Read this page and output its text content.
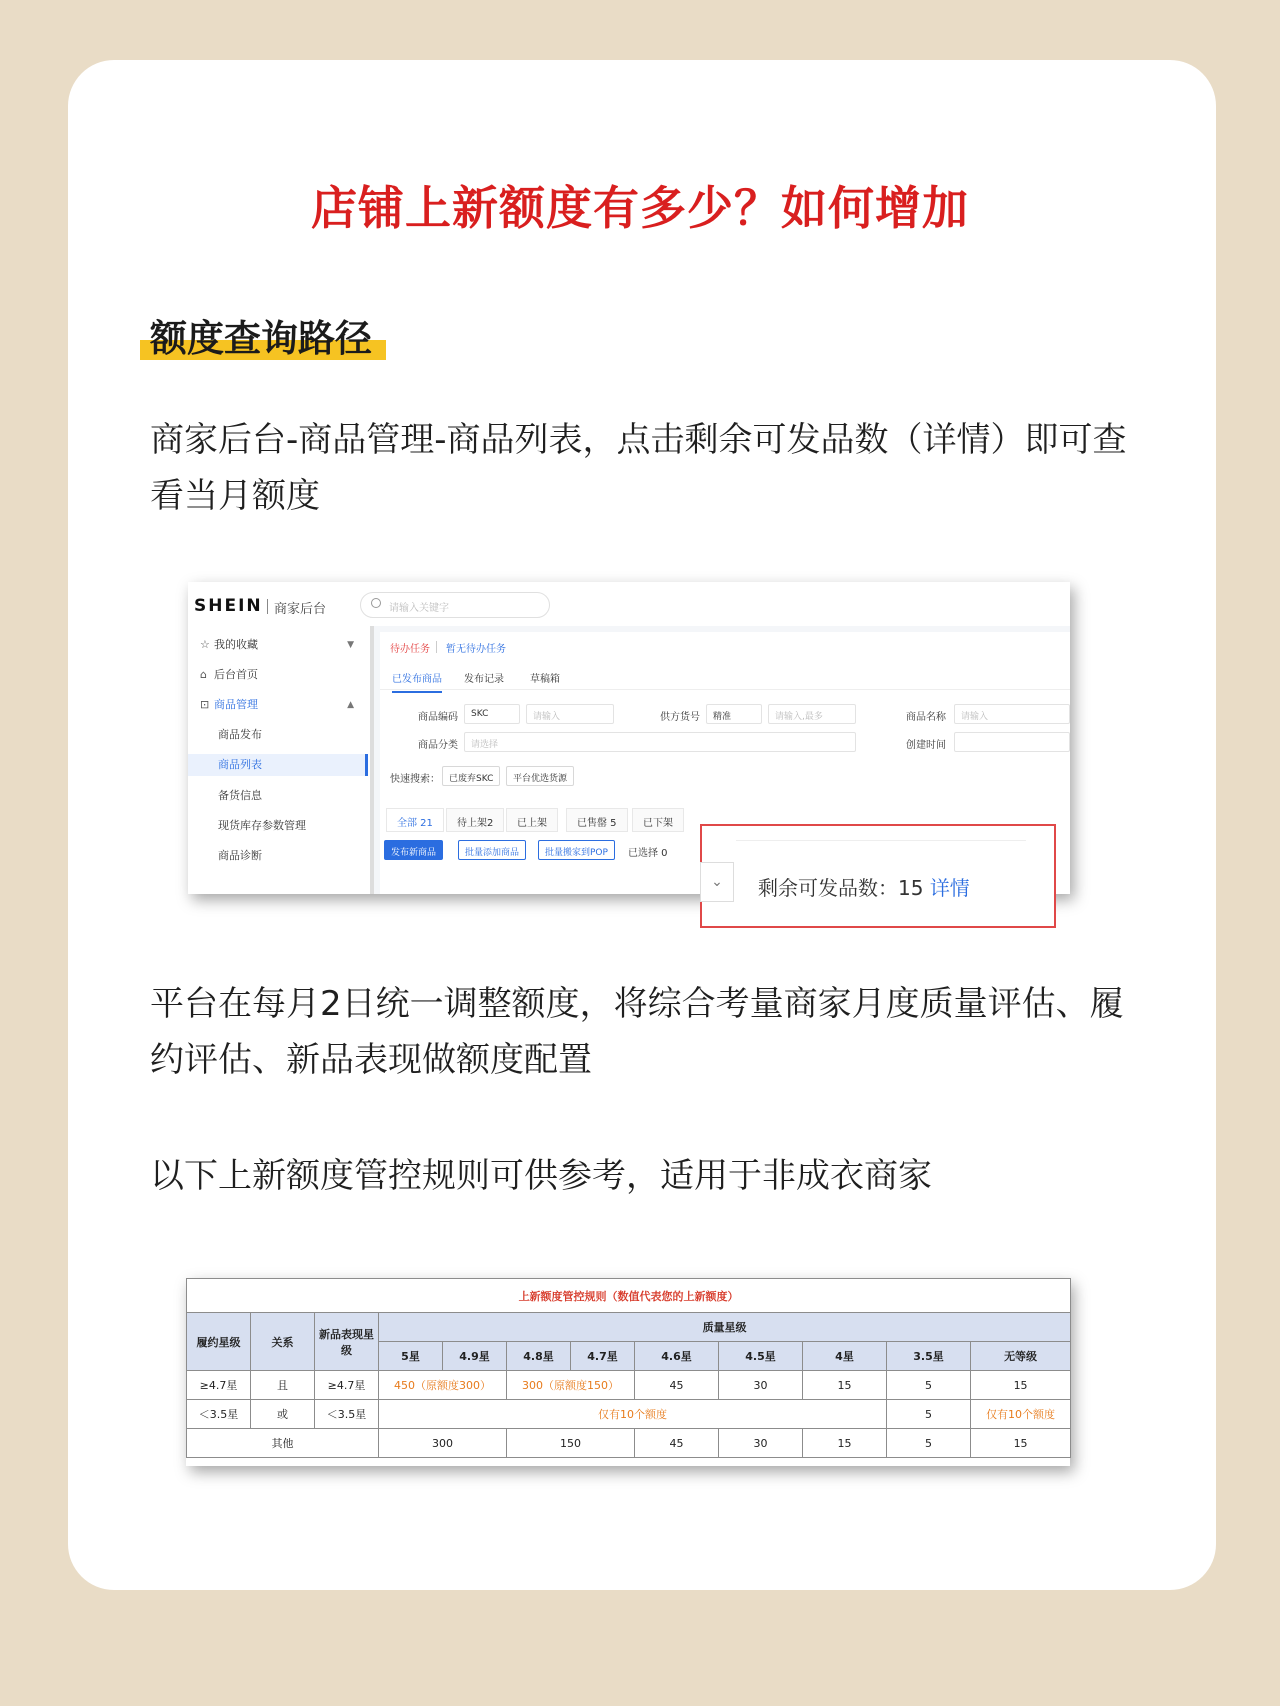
店铺上新额度有多少？如何增加
额度查询路径
商家后台-商品管理-商品列表，点击剩余可发品数（详情）即可查看当月额度
SHEIN 商家后台	请输入关键字
☆ 我的收藏	▼
⌂ 后台首页
⊡ 商品管理	▲
商品发布
商品列表
备货信息
现货库存参数管理
商品诊断
待办任务 暂无待办任务
已发布商品 发布记录	草稿箱
商品编码	SKC	请输入	供方货号	精准	请输入,最多	商品名称	请输入
商品分类	请选择	创建时间
快速搜索：	已废弃SKC	平台优选货源
全部 21	待上架2	已上架	已售罄 5	已下架
发布新商品	批量添加商品	批量搬家到POP	已选择 0
⌄	剩余可发品数：15 详情
平台在每月2日统一调整额度，将综合考量商家月度质量评估、履约评估、新品表现做额度配置
以下上新额度管控规则可供参考，适用于非成衣商家
上新额度管控规则（数值代表您的上新额度）											
履约星级	关系	新品表现星级	质量星级								
			5星	4.9星	4.8星	4.7星	4.6星	4.5星	4星	3.5星	无等级
≥4.7星	且	≥4.7星	450（原额度300）		300（原额度150）		45	30	15	5	15
＜3.5星	或	＜3.5星	仅有10个额度							5	仅有10个额度
其他			300		150		45	30	15	5	15
